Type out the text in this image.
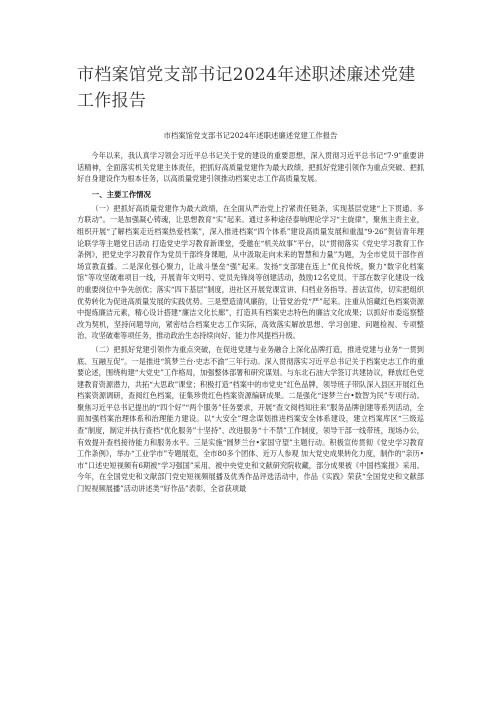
市档案馆党支部书记2024年述职述廉述党建工作报告
市档案馆党支部书记2024年述职述廉述党建工作报告

今年以来，我认真学习领会习近平总书记关于党的建设的重要思想，深入贯彻习近平总书记“7·9”重要讲话精神，全面落实机关党建主体责任，把抓好高质量党建作为最大政绩、把抓好党建引领作为重点突破、把抓好自身建设作为根本任务，以高质量党建引领推动档案史志工作高质量发展。

一、主要工作情况

（一）把抓好高质量党建作为最大政绩，在全面从严治党上拧紧责任链条，实现基层党建“上下贯通、多方联动”。一是加强凝心铸魂，让思想教育“实”起来。通过多种途径泰响理论学习“主旋律”，聚焦主责主业，组织开展“了解档案走近档案热爱档案”，深入推进档案“四个体系”建设高质量发展和重温“9·26”贺信青年理论联学等主题党日活动 打造党史学习教育新课堂，受邀在“机关故事”平台，以“贯彻落实《党史学习教育工作条例》，把党史学习教育作为党员干部终身课题，从中汲取走向未来的智慧和力量”为题，为全市党员干部作首场宣教直播。二是深化强心聚力，让战斗堡垒“强”起来。发扬“支部建在连上”优良传统，聚力“数字化档案馆”等攻坚破难项目一线，开展青年文明号、党员先锋岗等创建活动，鼓励12名党员、干部在数字化建设一线的重要岗位中争先创优；落实“四下基层”制度，进社区开展党课宣讲、归档业务指导、普法宣传，切实把组织优势转化为促进高质量发展的实践优势。三是塑造清风廉韵，让管党治党“严”起来。注重从馆藏红色档案资源中提炼廉洁元素，精心设计搭建“廉洁文化长廊”，打造具有档案史志特色的廉洁文化成果；以抓好市委巡察整改为契机，坚持问题导向，紧密结合档案史志工作实际，高效落实解放思想、学习创建、问题检视、专项整治、攻坚破难等项任务，推动政治生态持续向好、能力作风提档升级。

（二）把抓好党建引领作为重点突破，在促进党建与业务融合上深化品牌打造，推进党建与业务“一贯到底、互融互促”。一是推进“筑梦兰台·史志不渝”三年行动。深入贯彻落实习近平总书记关于档案史志工作的重要论述，围绕构建“大党史”工作格局，加强整体部署和研究谋划。与东北石油大学签订共建协议，释放红色党建教育资源潜力，共拓“大思政”课堂；积极打造“档案中的市党史”红色品牌，领导班子带队深入县区开展红色档案资源调研，查阅红色档案，征集珍贵红色档案资源编研成果。二是强化“逐梦兰台•数智为民”专项行动。聚焦习近平总书记提出的“四个好”“两个服务”任务要求，开展“查文阅档知往来”服务品牌创建等系列活动，全面加强档案治理体系和治理能力建设。以“大安全”理念谋划推进档案安全体系建设，建立档案库区“三级巡查”制度，制定并执行查档“优化服务”十坚持”、改进服务“十不禁”工作制度，领导干部一线带班，现场办公，有效提升查档接待能力和服务水平。三是实施“圆梦兰台•家国守望”主题行动。积极宣传贯彻《党史学习教育工作条例》，举办“工业学市”专题展览，全市80多个团体、近万人参观 加大党史成果转化力度，制作的“亲历•市”口述史短视频有6期被“学习强国”采用、被中央党史和文献研究院收藏，部分成果被《中国档案报》采用。今年，在全国党史和文献部门党史短视频展播及优秀作品评选活动中，作品《实践》荣获“全国党史和文献部门短视频展播”活动讲述类“好作品”表彰，全省获项最
